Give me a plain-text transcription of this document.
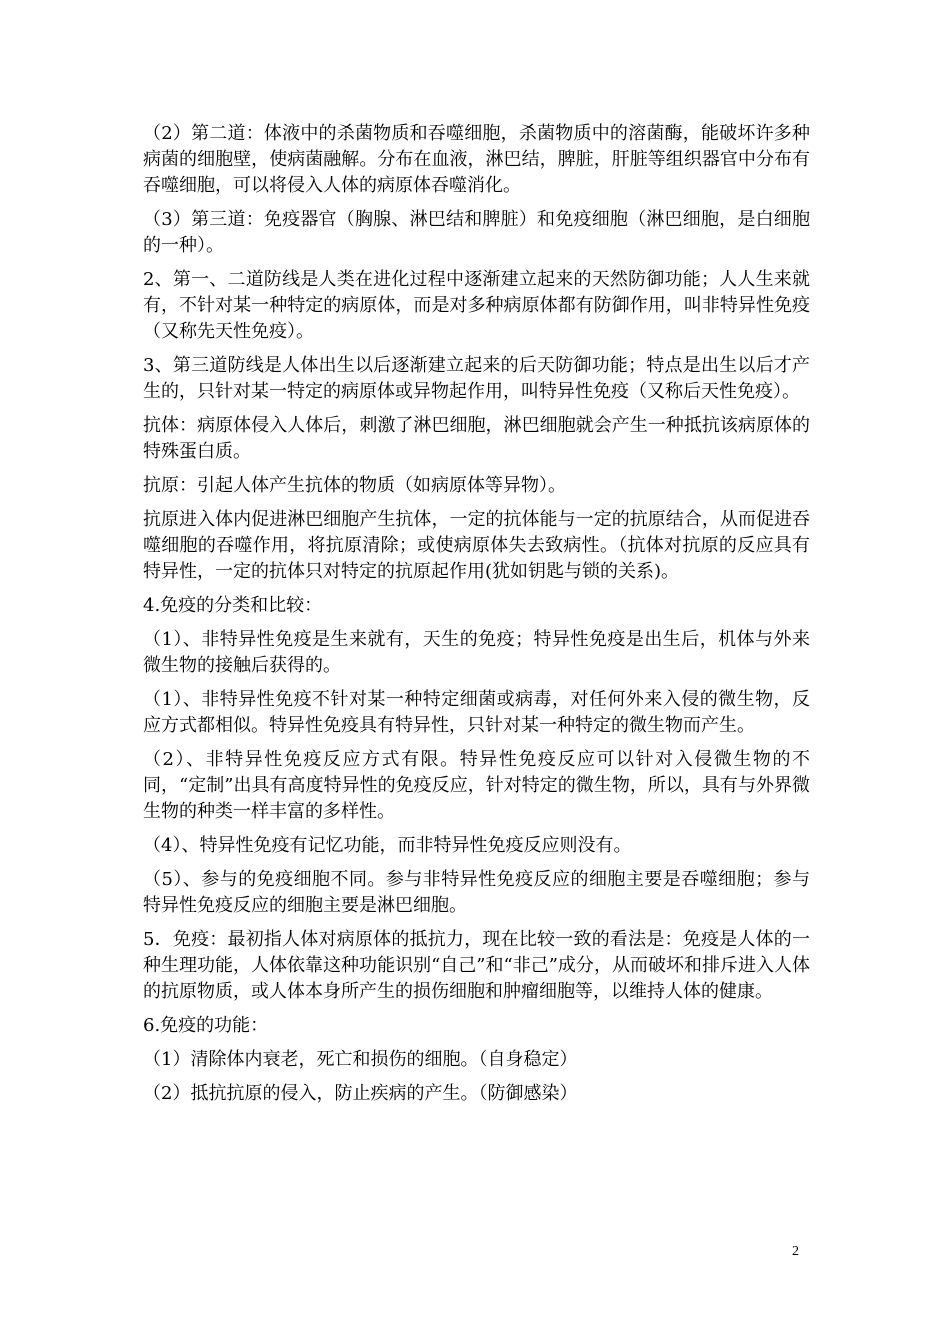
（2）第二道：体液中的杀菌物质和吞噬细胞，杀菌物质中的溶菌酶，能破坏许多种病菌的细胞壁，使病菌融解。分布在血液，淋巴结，脾脏，肝脏等组织器官中分布有吞噬细胞，可以将侵入人体的病原体吞噬消化。

（3）第三道：免疫器官（胸腺、淋巴结和脾脏）和免疫细胞（淋巴细胞，是白细胞的一种）。

2、第一、二道防线是人类在进化过程中逐渐建立起来的天然防御功能；人人生来就有，不针对某一种特定的病原体，而是对多种病原体都有防御作用，叫非特异性免疫（又称先天性免疫）。

3、第三道防线是人体出生以后逐渐建立起来的后天防御功能；特点是出生以后才产生的，只针对某一特定的病原体或异物起作用，叫特异性免疫（又称后天性免疫）。

抗体：病原体侵入人体后，刺激了淋巴细胞，淋巴细胞就会产生一种抵抗该病原体的特殊蛋白质。

抗原：引起人体产生抗体的物质（如病原体等异物）。

抗原进入体内促进淋巴细胞产生抗体，一定的抗体能与一定的抗原结合，从而促进吞噬细胞的吞噬作用，将抗原清除；或使病原体失去致病性。（抗体对抗原的反应具有特异性，一定的抗体只对特定的抗原起作用(犹如钥匙与锁的关系)。

4.免疫的分类和比较：

（1）、非特异性免疫是生来就有，天生的免疫；特异性免疫是出生后，机体与外来微生物的接触后获得的。

（1）、非特异性免疫不针对某一种特定细菌或病毒，对任何外来入侵的微生物，反应方式都相似。特异性免疫具有特异性，只针对某一种特定的微生物而产生。

（2）、非特异性免疫反应方式有限。特异性免疫反应可以针对入侵微生物的不同，“定制”出具有高度特异性的免疫反应，针对特定的微生物，所以，具有与外界微生物的种类一样丰富的多样性。

（4）、特异性免疫有记忆功能，而非特异性免疫反应则没有。

（5）、参与的免疫细胞不同。参与非特异性免疫反应的细胞主要是吞噬细胞；参与特异性免疫反应的细胞主要是淋巴细胞。

5．免疫：最初指人体对病原体的抵抗力，现在比较一致的看法是：免疫是人体的一种生理功能，人体依靠这种功能识别“自己”和“非己”成分，从而破坏和排斥进入人体的抗原物质，或人体本身所产生的损伤细胞和肿瘤细胞等，以维持人体的健康。

6.免疫的功能：

（1）清除体内衰老，死亡和损伤的细胞。（自身稳定）

（2）抵抗抗原的侵入，防止疾病的产生。（防御感染）

2
